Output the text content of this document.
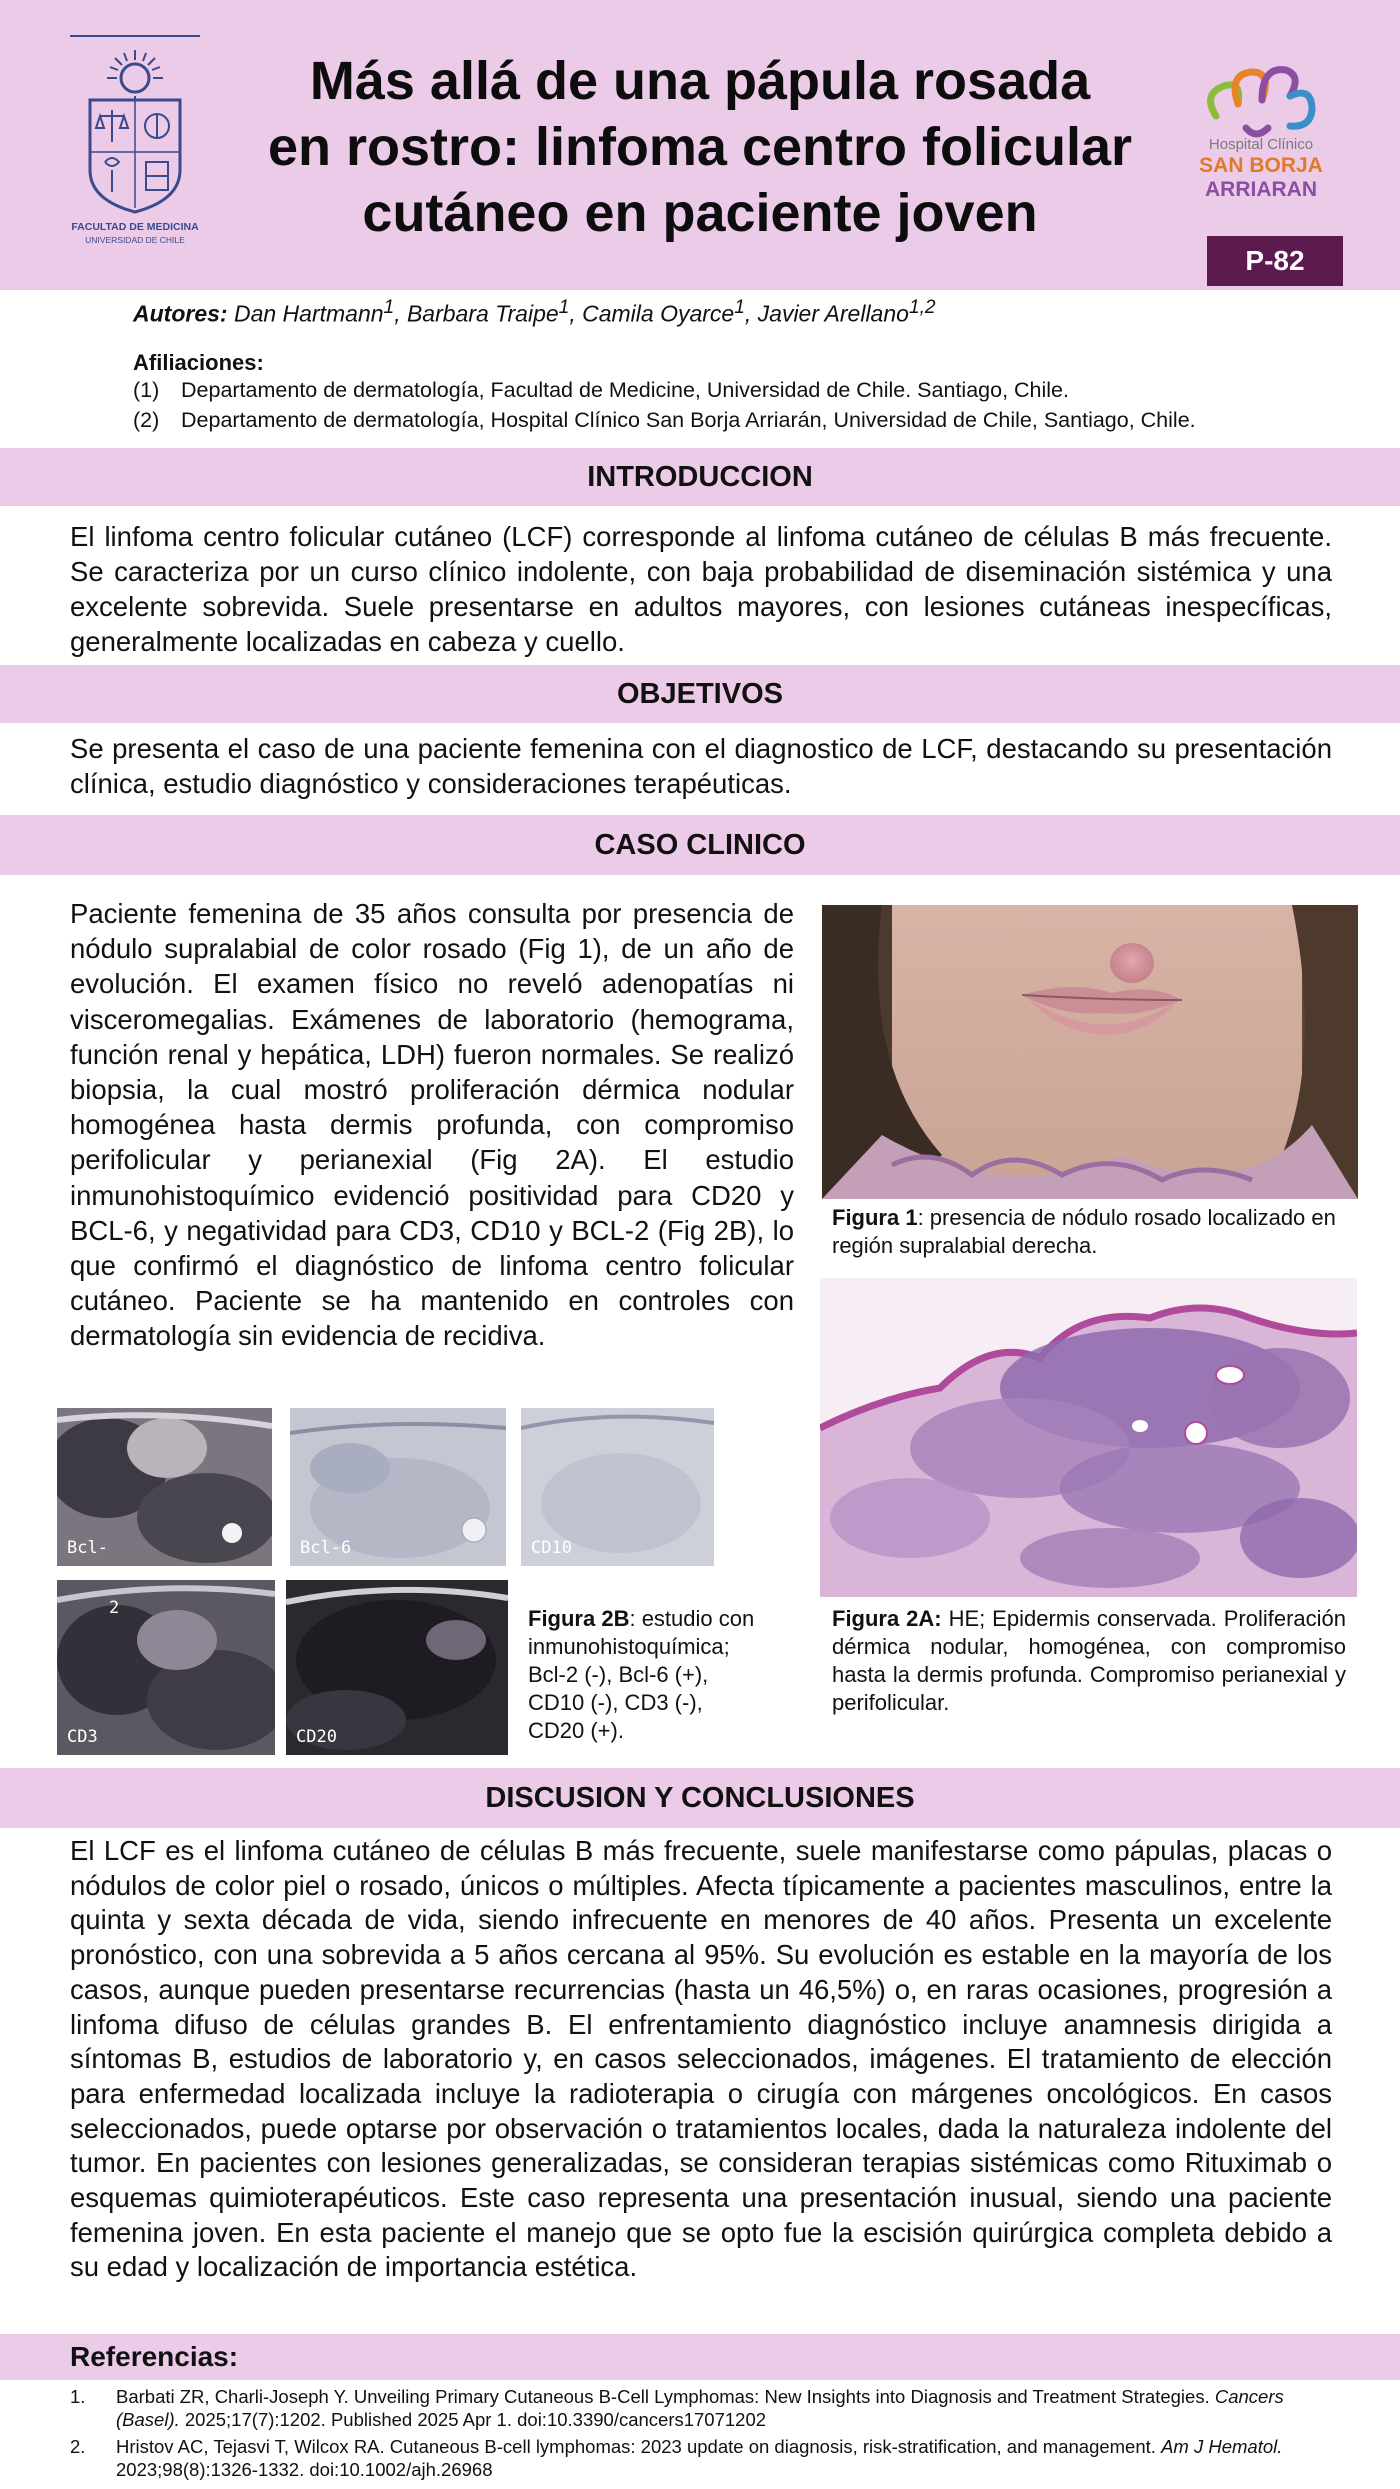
FACULTAD DE MEDICINA
UNIVERSIDAD DE CHILE
Más allá de una pápula rosada
en rostro: linfoma centro folicular
cutáneo en paciente joven
Hospital Clínico
SAN BORJA
ARRIARAN
P-82
Autores: Dan Hartmann$^1$, Barbara Traipe$^1$, Camila Oyarce$^1$, Javier Arellano$^{1,2}$
Afiliaciones:
(1) Departamento de dermatología, Facultad de Medicine, Universidad de Chile. Santiago, Chile.
(2) Departamento de dermatología, Hospital Clínico San Borja Arriarán, Universidad de Chile, Santiago, Chile.
INTRODUCCION
El linfoma centro folicular cutáneo (LCF) corresponde al linfoma cutáneo de células B más frecuente. Se caracteriza por un curso clínico indolente, con baja probabilidad de diseminación sistémica y una excelente sobrevida. Suele presentarse en adultos mayores, con lesiones cutáneas inespecíficas, generalmente localizadas en cabeza y cuello.
OBJETIVOS
Se presenta el caso de una paciente femenina con el diagnostico de LCF, destacando su presentación clínica, estudio diagnóstico y consideraciones terapéuticas.
CASO CLINICO
Paciente femenina de 35 años consulta por presencia de nódulo supralabial de color rosado (Fig 1), de un año de evolución. El examen físico no reveló adenopatías ni visceromegalias. Exámenes de laboratorio (hemograma, función renal y hepática, LDH) fueron normales. Se realizó biopsia, la cual mostró proliferación dérmica nodular homogénea hasta dermis profunda, con compromiso perifolicular y perianexial (Fig 2A). El estudio inmunohistoquímico evidenció positividad para CD20 y BCL-6, y negatividad para CD3, CD10 y BCL-2 (Fig 2B), lo que confirmó el diagnóstico de linfoma centro folicular cutáneo. Paciente se ha mantenido en controles con dermatología sin evidencia de recidiva.
Figura 1: presencia de nódulo rosado localizado en región supralabial derecha.
Figura 2A: HE; Epidermis conservada. Proliferación dérmica nodular, homogénea, con compromiso hasta la dermis profunda. Compromiso perianexial y perifolicular.
Bcl-	Bcl-6	CD10
2
CD3	CD20
Figura 2B: estudio con inmunohistoquímica;
Bcl-2 (-), Bcl-6 (+),
CD10 (-), CD3 (-),
CD20 (+).
DISCUSION Y CONCLUSIONES
El LCF es el linfoma cutáneo de células B más frecuente, suele manifestarse como pápulas, placas o nódulos de color piel o rosado, únicos o múltiples. Afecta típicamente a pacientes masculinos, entre la quinta y sexta década de vida, siendo infrecuente en menores de 40 años. Presenta un excelente pronóstico, con una sobrevida a 5 años cercana al 95%. Su evolución es estable en la mayoría de los casos, aunque pueden presentarse recurrencias (hasta un 46,5%) o, en raras ocasiones, progresión a linfoma difuso de células grandes B. El enfrentamiento diagnóstico incluye anamnesis dirigida a síntomas B, estudios de laboratorio y, en casos seleccionados, imágenes. El tratamiento de elección para enfermedad localizada incluye la radioterapia o cirugía con márgenes oncológicos. En casos seleccionados, puede optarse por observación o tratamientos locales, dada la naturaleza indolente del tumor. En pacientes con lesiones generalizadas, se consideran terapias sistémicas como Rituximab o esquemas quimioterapéuticos. Este caso representa una presentación inusual, siendo una paciente femenina joven. En esta paciente el manejo que se opto fue la escisión quirúrgica completa debido a su edad y localización de importancia estética.
Referencias:
1. Barbati ZR, Charli-Joseph Y. Unveiling Primary Cutaneous B-Cell Lymphomas: New Insights into Diagnosis and Treatment Strategies. Cancers (Basel). 2025;17(7):1202. Published 2025 Apr 1. doi:10.3390/cancers17071202
2. Hristov AC, Tejasvi T, Wilcox RA. Cutaneous B-cell lymphomas: 2023 update on diagnosis, risk-stratification, and management. Am J Hematol. 2023;98(8):1326-1332. doi:10.1002/ajh.26968
